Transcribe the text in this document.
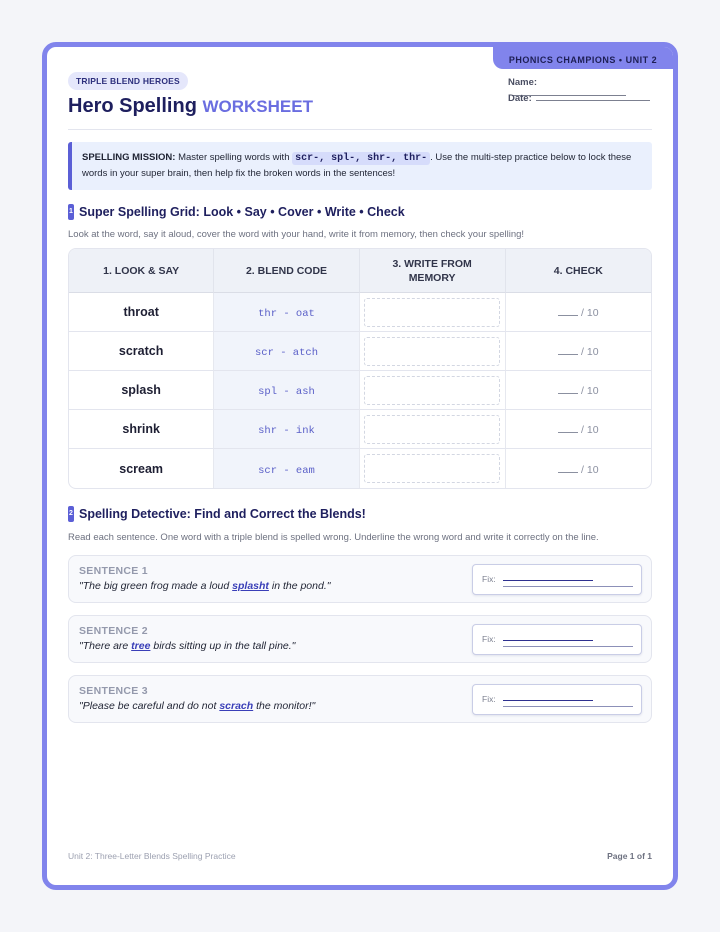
PHONICS CHAMPIONS • UNIT 2
TRIPLE BLEND HEROES
Hero Spelling WORKSHEET
Name:
Date:
SPELLING MISSION: Master spelling words with scr-, spl-, shr-, thr- . Use the multi-step practice below to lock these words in your super brain, then help fix the broken words in the sentences!
1 Super Spelling Grid: Look • Say • Cover • Write • Check
Look at the word, say it aloud, cover the word with your hand, write it from memory, then check your spelling!
1. LOOK & SAY	2. BLEND CODE	3. WRITE FROM MEMORY	4. CHECK
throat	thr - oat		/ 10
scratch	scr - atch		/ 10
splash	spl - ash		/ 10
shrink	shr - ink		/ 10
scream	scr - eam		/ 10
2 Spelling Detective: Find and Correct the Blends!
Read each sentence. One word with a triple blend is spelled wrong. Underline the wrong word and write it correctly on the line.
SENTENCE 1
"The big green frog made a loud splasht in the pond."
Fix:
SENTENCE 2
"There are tree birds sitting up in the tall pine."
Fix:
SENTENCE 3
"Please be careful and do not scrach the monitor!"
Fix:
Unit 2: Three-Letter Blends Spelling Practice	Page 1 of 1
